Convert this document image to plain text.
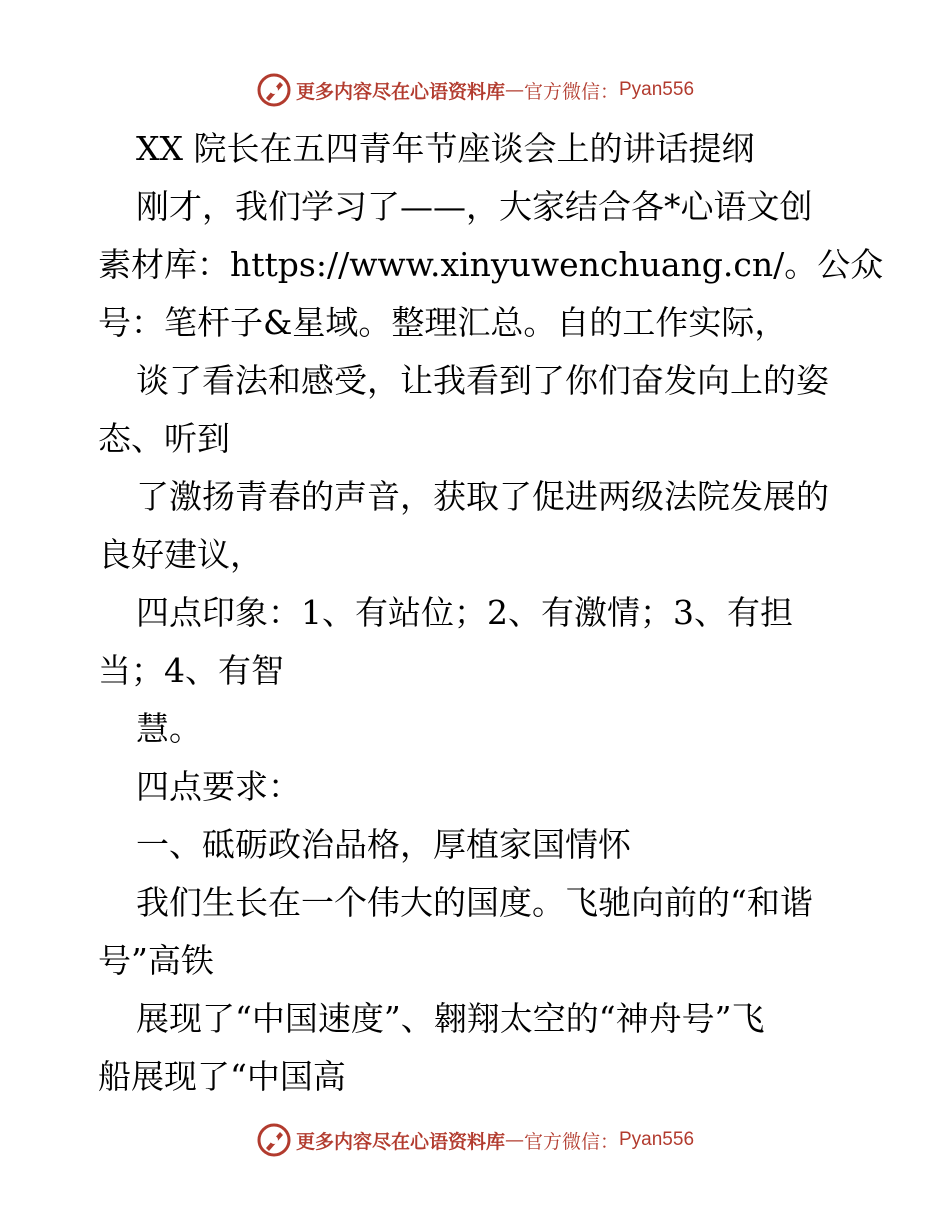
更多内容尽在心语资料库 — 官方微信： Pyan556
XX 院长在五四青年节座谈会上的讲话提纲
刚才，我们学习了——，大家结合各*心语文创
素材库：https://www.xinyuwenchuang.cn/。公众
号：笔杆子&星域。整理汇总。自的工作实际，
谈了看法和感受，让我看到了你们奋发向上的姿
态、听到
了激扬青春的声音，获取了促进两级法院发展的
良好建议，
四点印象：1、有站位；2、有激情；3、有担
当；4、有智
慧。
四点要求：
一、砥砺政治品格，厚植家国情怀
我们生长在一个伟大的国度。飞驰向前的“和谐
号”高铁
展现了“中国速度”、翱翔太空的“神舟号”飞
船展现了“中国高
更多内容尽在心语资料库 — 官方微信： Pyan556
